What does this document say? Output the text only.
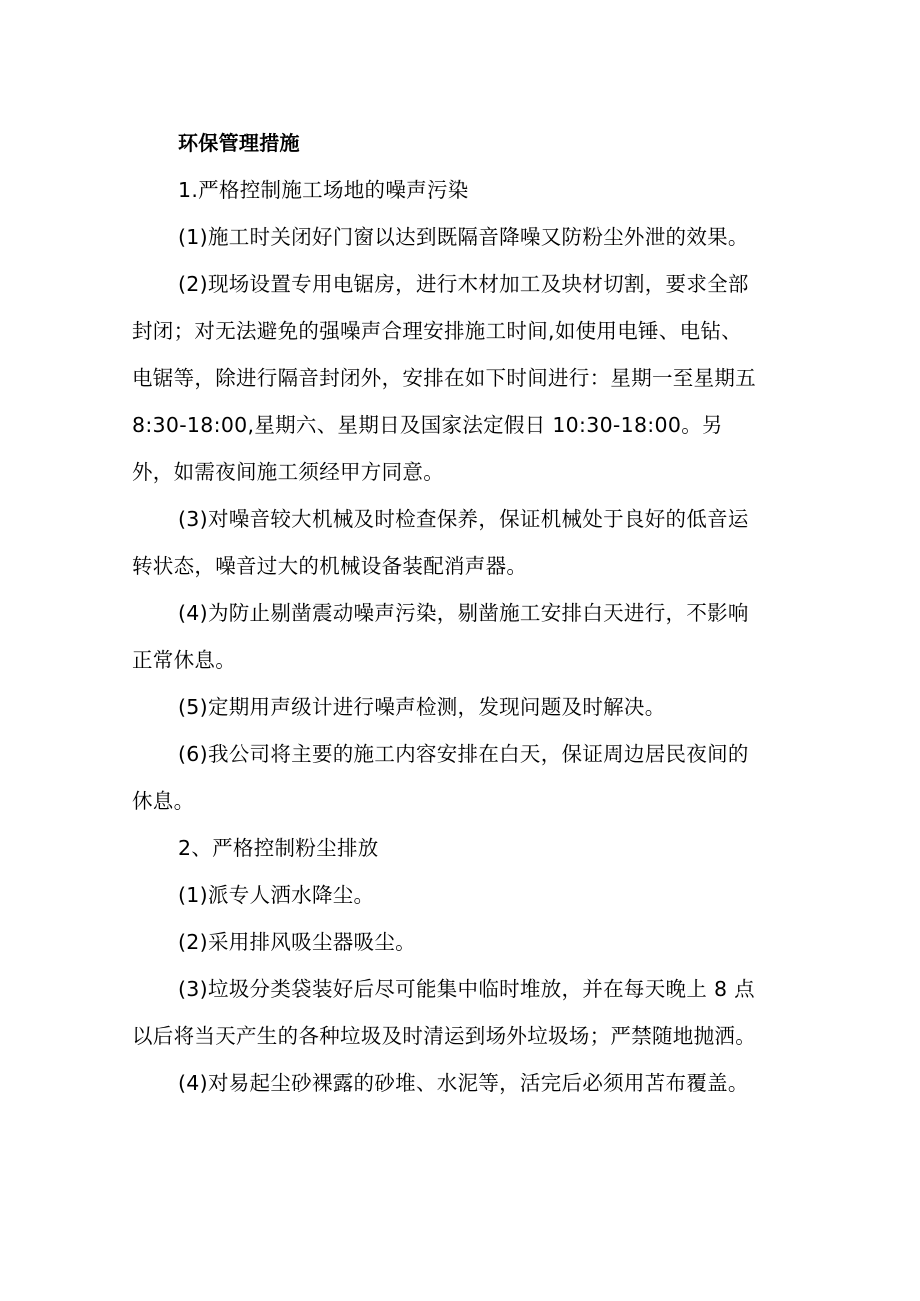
环保管理措施

1.严格控制施工场地的噪声污染

(1)施工时关闭好门窗以达到既隔音降噪又防粉尘外泄的效果。

(2)现场设置专用电锯房，进行木材加工及块材切割，要求全部
封闭；对无法避免的强噪声合理安排施工时间,如使用电锤、电钻、
电锯等，除进行隔音封闭外，安排在如下时间进行：星期一至星期五
8:30-18:00,星期六、星期日及国家法定假日 10:30-18:00。另
外，如需夜间施工须经甲方同意。

(3)对噪音较大机械及时检查保养，保证机械处于良好的低音运
转状态，噪音过大的机械设备装配消声器。

(4)为防止剔凿震动噪声污染，剔凿施工安排白天进行，不影响
正常休息。

(5)定期用声级计进行噪声检测，发现问题及时解决。

(6)我公司将主要的施工内容安排在白天，保证周边居民夜间的
休息。

2、严格控制粉尘排放

(1)派专人洒水降尘。

(2)采用排风吸尘器吸尘。

(3)垃圾分类袋装好后尽可能集中临时堆放，并在每天晚上 8 点
以后将当天产生的各种垃圾及时清运到场外垃圾场；严禁随地抛洒。

(4)对易起尘砂裸露的砂堆、水泥等，活完后必须用苫布覆盖。
